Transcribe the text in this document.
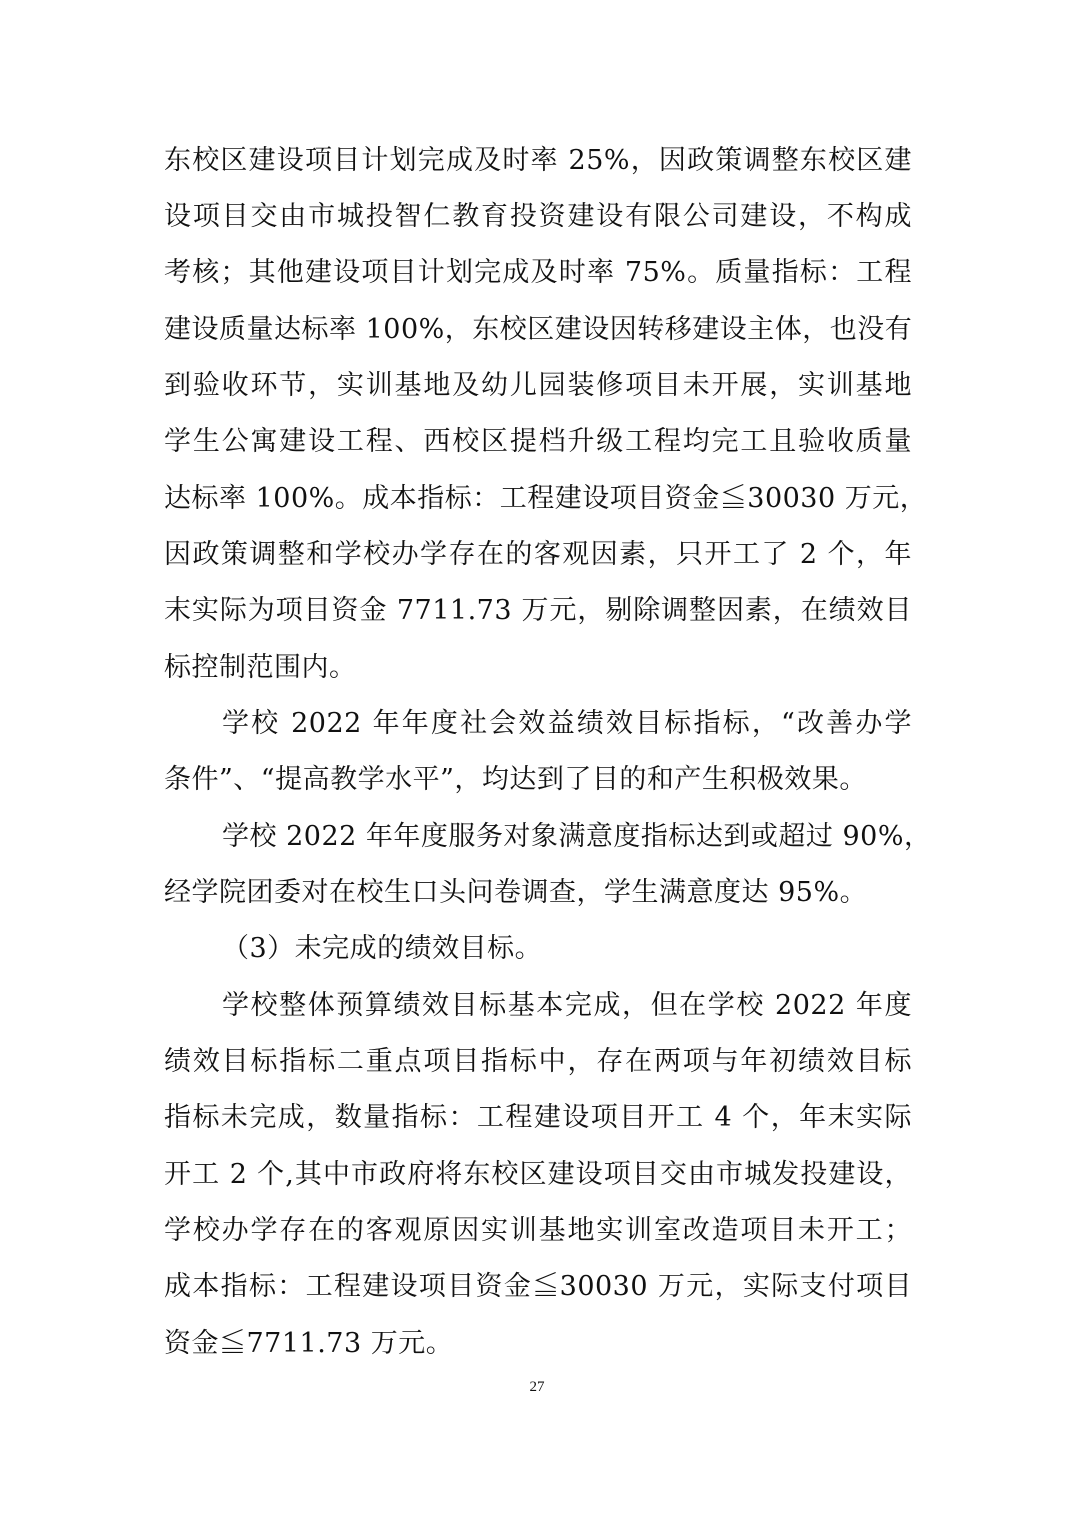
东校区建设项目计划完成及时率 25%，因政策调整东校区建
设项目交由市城投智仁教育投资建设有限公司建设，不构成
考核；其他建设项目计划完成及时率 75%。质量指标：工程
建设质量达标率 100%，东校区建设因转移建设主体，也没有
到验收环节，实训基地及幼儿园装修项目未开展，实训基地
学生公寓建设工程、西校区提档升级工程均完工且验收质量
达标率 100%。成本指标：工程建设项目资金≦30030 万元，
因政策调整和学校办学存在的客观因素，只开工了 2 个，年
末实际为项目资金 7711.73 万元，剔除调整因素，在绩效目
标控制范围内。
学校 2022 年年度社会效益绩效目标指标，“改善办学
条件”、“提高教学水平”，均达到了目的和产生积极效果。
学校 2022 年年度服务对象满意度指标达到或超过 90%，
经学院团委对在校生口头问卷调查，学生满意度达 95%。
（3）未完成的绩效目标。
学校整体预算绩效目标基本完成，但在学校 2022 年度
绩效目标指标二重点项目指标中，存在两项与年初绩效目标
指标未完成，数量指标：工程建设项目开工 4 个，年末实际
开工 2 个,其中市政府将东校区建设项目交由市城发投建设，
学校办学存在的客观原因实训基地实训室改造项目未开工；
成本指标：工程建设项目资金≦30030 万元，实际支付项目
资金≦7711.73 万元。
27
